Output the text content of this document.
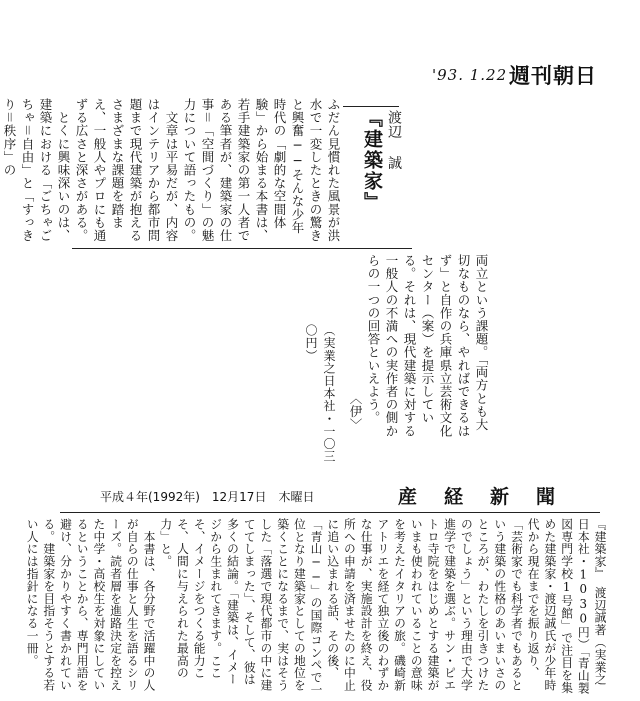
'93. 1.22 週刊朝日
渡辺 誠
『建築家』
ふだん見慣れた風景が洪水で一変したときの驚きと興奮──そんな少年時代の「劇的な空間体験」から始まる本書は、若手建築家の第一人者である筆者が、建築家の仕事＝「空間づくり」の魅力について語ったもの。
　文章は平易だが、内容はインテリアから都市問題まで現代建築が抱えるさまざまな課題を踏まえ、一般人やプロにも通ずる広さと深さがある。
　とくに興味深いのは、建築における「ごちゃごちゃ＝自由」と「すっきり＝秩序」の
両立という課題。「両方とも大切なものなら、やればできるはず」と自作の兵庫県立芸術文化センター（案）を提示している。それは、現代建築に対する一般人の不満への実作者の側からの一つの回答といえよう。
　　　　　　　　　　　〈伊〉
（実業之日本社・一〇三〇円）
平成４年(1992年)　12月17日　木曜日	産　経　新　聞
『建築家』　渡辺誠著（実業之日本社・1030円）「青山製図専門学校1号館」で注目を集めた建築家・渡辺誠氏が少年時代から現在までを振り返り、「芸術家でも科学者でもあるという建築の性格のあいまいさのところが、わたしを引きつけたのでしょう」という理由で大学進学で建築を選ぶ。サン・ピエトロ寺院をはじめとする建築がいまも使われていることの意味を考えたイタリアの旅。磯崎新アトリエを経て独立後のわずかな仕事が、実施設計を終え、役所への申請を済ませたのに中止に追い込まれる話、その後、「青山──」の国際コンペで一位となり建築家としての地位を築くことになるまで、実はそうした「落選で現代都市の中に建ててしまった」、そして、彼は多くの結論。「建築は、イメージから生まれてきます。ここそ、イメージをつくる能力こそ、人間に与えられた最高の力」と。
　本書は、各分野で活躍中の人が自らの仕事と人生を語るシリーズ。読者層を進路決定を控えた中学・高校生を対象にしているということから、専門用語を避け、分かりやすく書かれている。建築家を目指そうとする若い人には指針になる一冊。
